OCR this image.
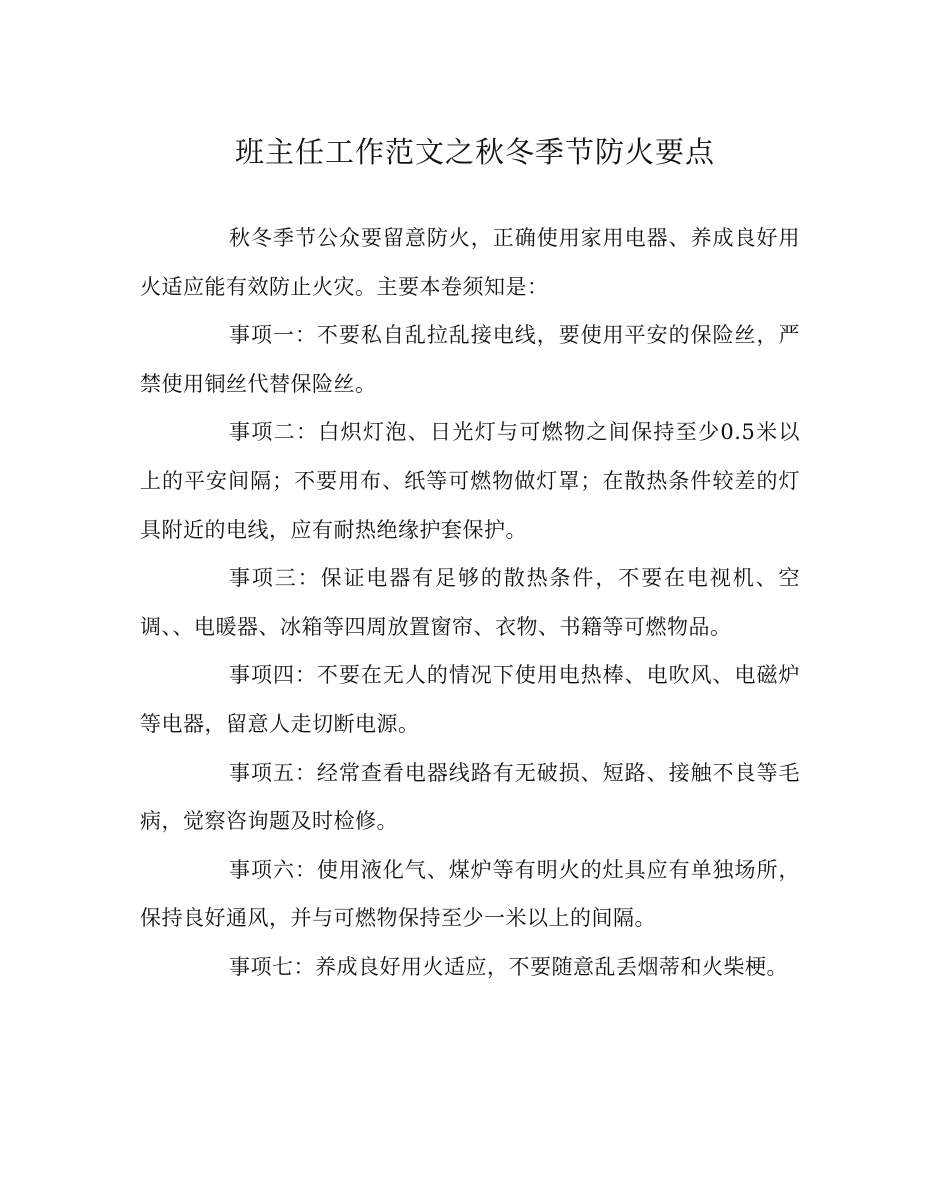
班主任工作范文之秋冬季节防火要点

秋冬季节公众要留意防火，正确使用家用电器、养成良好用火适应能有效防止火灾。主要本卷须知是：

事项一：不要私自乱拉乱接电线，要使用平安的保险丝，严禁使用铜丝代替保险丝。

事项二：白炽灯泡、日光灯与可燃物之间保持至少0.5米以上的平安间隔；不要用布、纸等可燃物做灯罩；在散热条件较差的灯具附近的电线，应有耐热绝缘护套保护。

事项三：保证电器有足够的散热条件，不要在电视机、空调、、电暖器、冰箱等四周放置窗帘、衣物、书籍等可燃物品。

事项四：不要在无人的情况下使用电热棒、电吹风、电磁炉等电器，留意人走切断电源。

事项五：经常查看电器线路有无破损、短路、接触不良等毛病，觉察咨询题及时检修。

事项六：使用液化气、煤炉等有明火的灶具应有单独场所，保持良好通风，并与可燃物保持至少一米以上的间隔。

事项七：养成良好用火适应，不要随意乱丢烟蒂和火柴梗。
